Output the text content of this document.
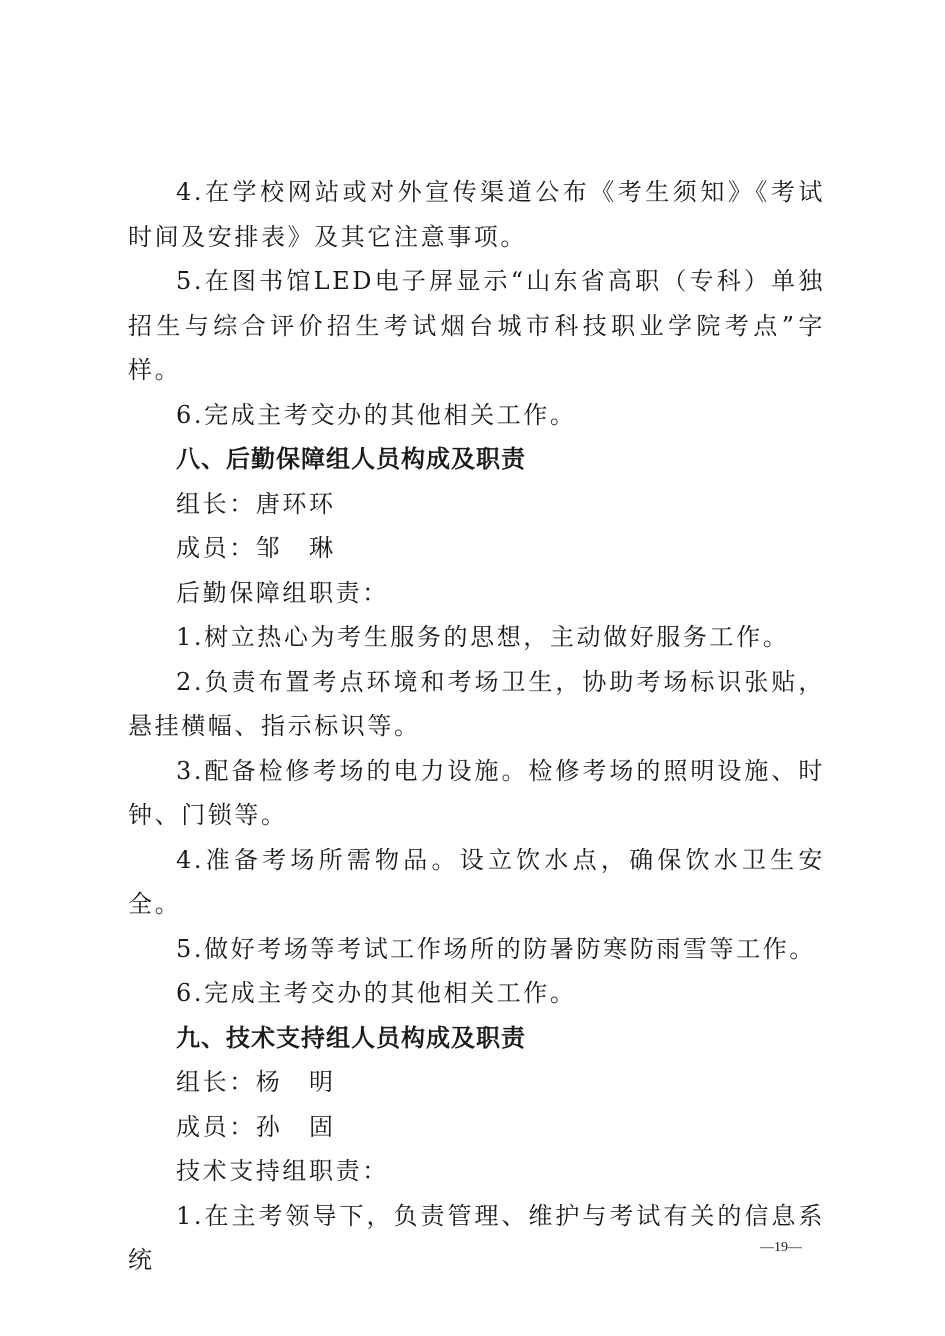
4.在学校网站或对外宣传渠道公布《考生须知》《考试时间及安排表》及其它注意事项。

5.在图书馆LED电子屏显示“山东省高职（专科）单独招生与综合评价招生考试烟台城市科技职业学院考点”字样。

6.完成主考交办的其他相关工作。

八、后勤保障组人员构成及职责

组长：唐环环

成员：邹　琳

后勤保障组职责：

1.树立热心为考生服务的思想，主动做好服务工作。

2.负责布置考点环境和考场卫生，协助考场标识张贴，悬挂横幅、指示标识等。

3.配备检修考场的电力设施。检修考场的照明设施、时钟、门锁等。

4.准备考场所需物品。设立饮水点，确保饮水卫生安全。

5.做好考场等考试工作场所的防暑防寒防雨雪等工作。

6.完成主考交办的其他相关工作。

九、技术支持组人员构成及职责

组长：杨　明

成员：孙　固

技术支持组职责：

1.在主考领导下，负责管理、维护与考试有关的信息系统	—19—
